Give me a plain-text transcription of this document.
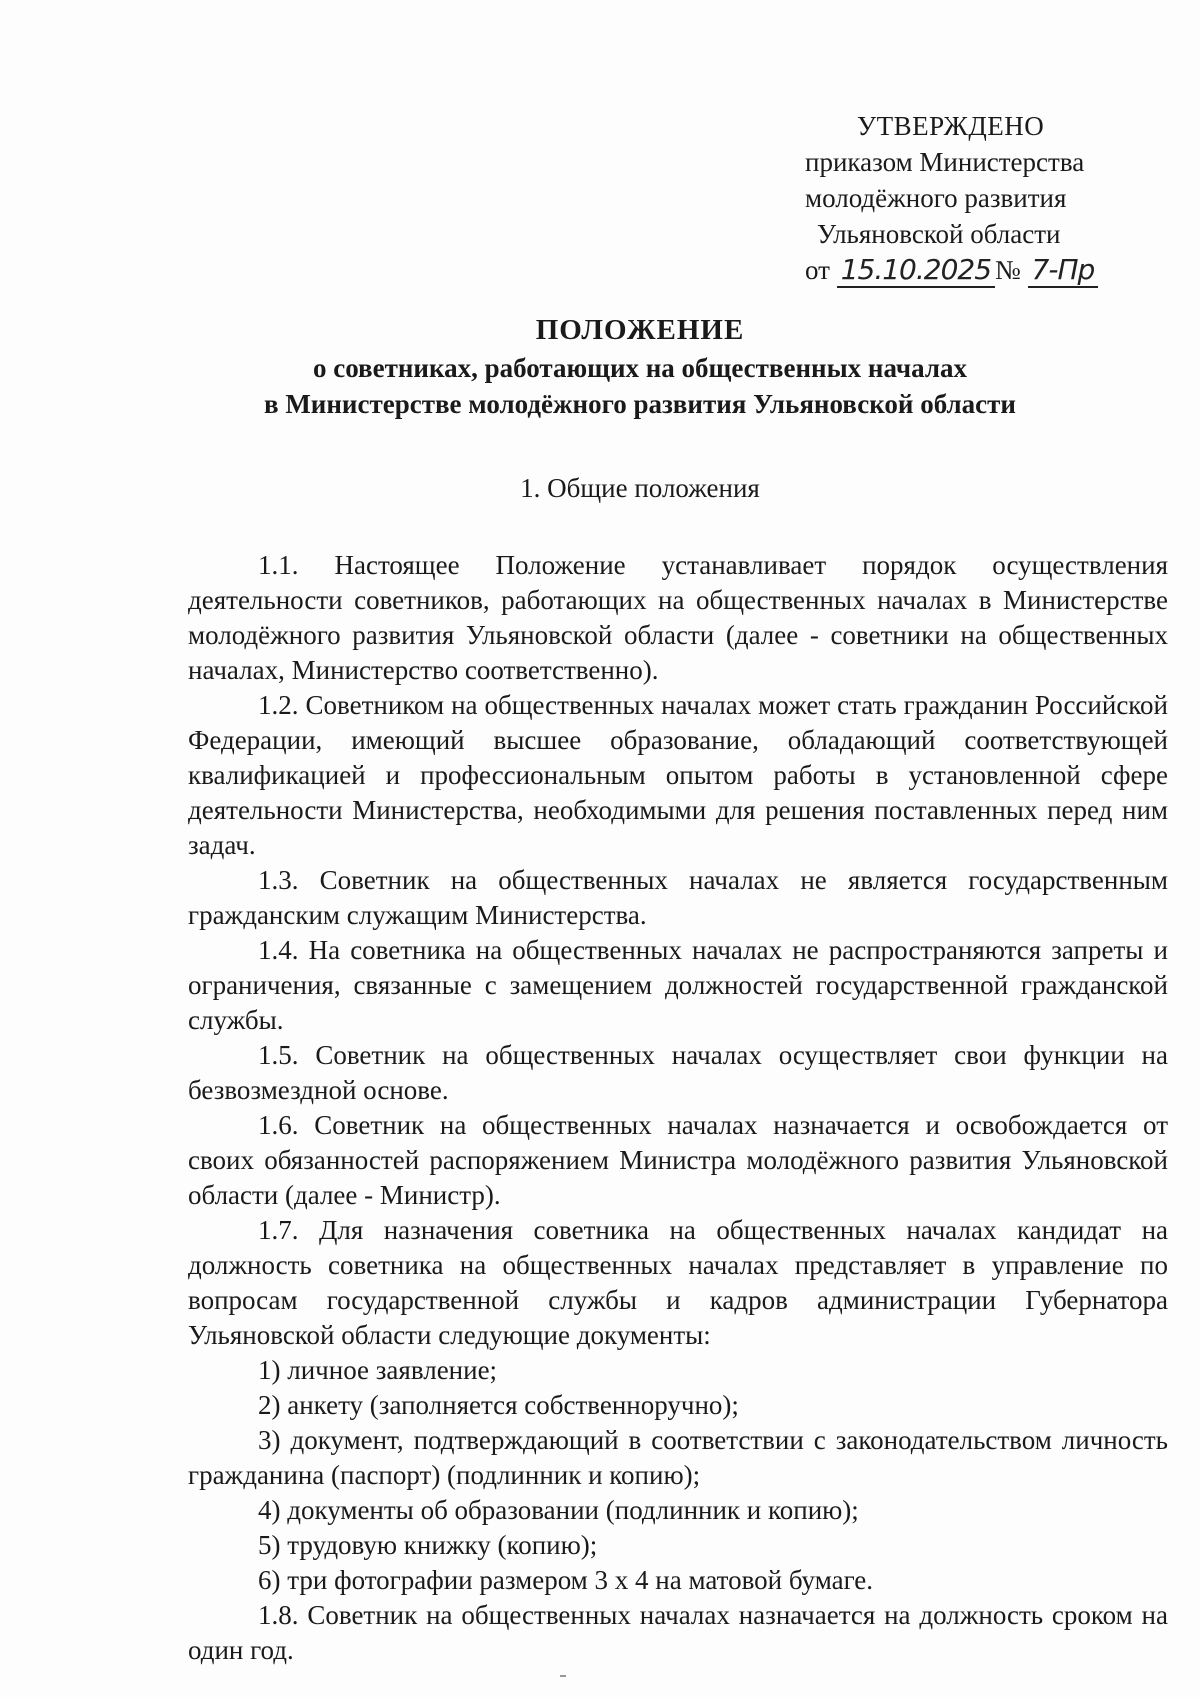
УТВЕРЖДЕНО
приказом Министерства
молодёжного развития
Ульяновской области
от 15.10.2025 № 7-Пр
ПОЛОЖЕНИЕ
о советниках, работающих на общественных началах
в Министерстве молодёжного развития Ульяновской области
1. Общие положения

1.1. Настоящее Положение устанавливает порядок осуществления деятельности советников, работающих на общественных началах в Министерстве молодёжного развития Ульяновской области (далее - советники на общественных началах, Министерство соответственно).

1.2. Советником на общественных началах может стать гражданин Российской Федерации, имеющий высшее образование, обладающий соответствующей квалификацией и профессиональным опытом работы в установленной сфере деятельности Министерства, необходимыми для решения поставленных перед ним задач.

1.3. Советник на общественных началах не является государственным гражданским служащим Министерства.

1.4. На советника на общественных началах не распространяются запреты и ограничения, связанные с замещением должностей государственной гражданской службы.

1.5. Советник на общественных началах осуществляет свои функции на безвозмездной основе.

1.6. Советник на общественных началах назначается и освобождается от своих обязанностей распоряжением Министра молодёжного развития Ульяновской области (далее - Министр).

1.7. Для назначения советника на общественных началах кандидат на должность советника на общественных началах представляет в управление по вопросам государственной службы и кадров администрации Губернатора Ульяновской области следующие документы:

1) личное заявление;

2) анкету (заполняется собственноручно);

3) документ, подтверждающий в соответствии с законодательством личность гражданина (паспорт) (подлинник и копию);

4) документы об образовании (подлинник и копию);

5) трудовую книжку (копию);

6) три фотографии размером 3 х 4 на матовой бумаге.

1.8. Советник на общественных началах назначается на должность сроком на один год.
